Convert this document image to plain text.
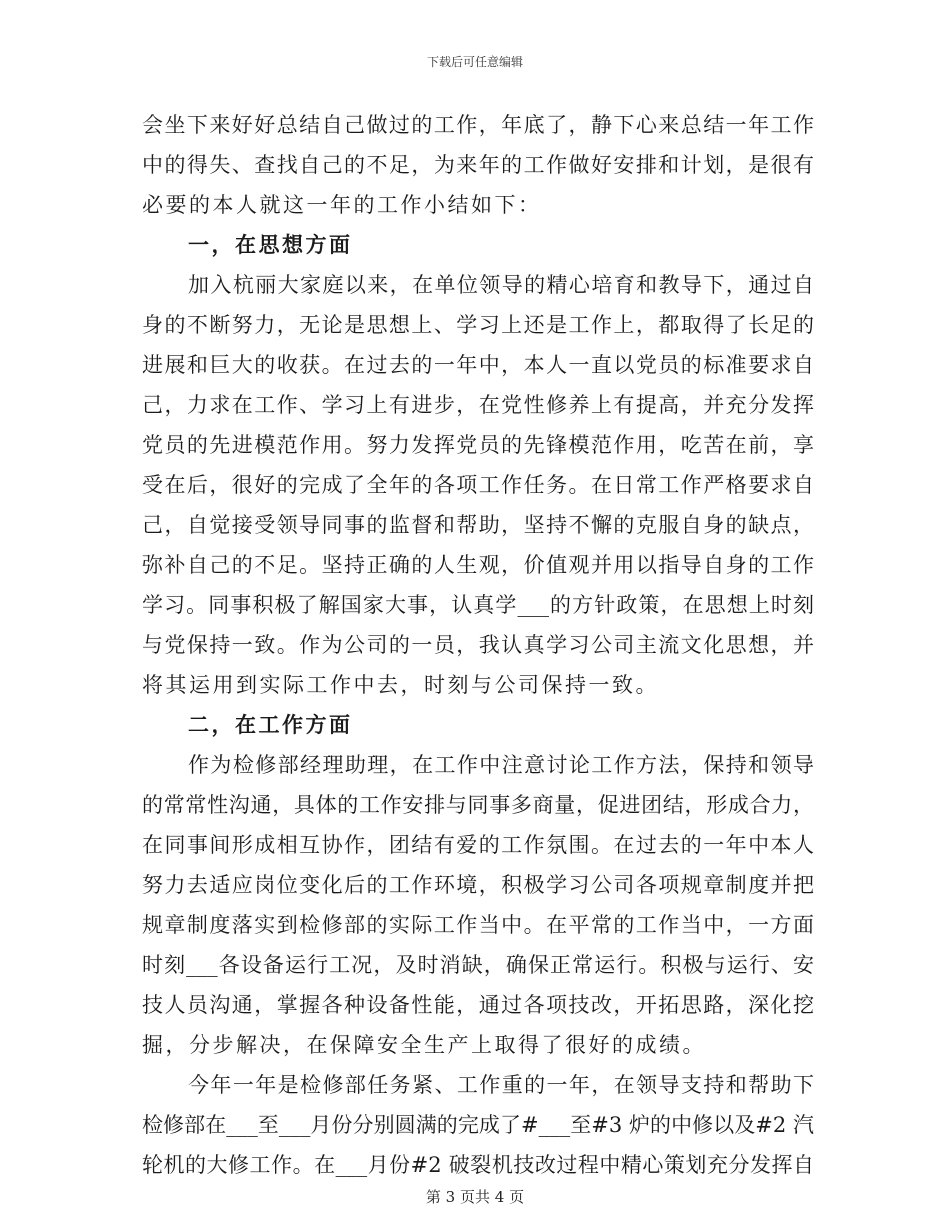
下载后可任意编辑
会坐下来好好总结自己做过的工作，年底了，静下心来总结一年工作
中的得失、查找自己的不足，为来年的工作做好安排和计划，是很有
必要的本人就这一年的工作小结如下：
一，在思想方面
加入杭丽大家庭以来，在单位领导的精心培育和教导下，通过自
身的不断努力，无论是思想上、学习上还是工作上，都取得了长足的
进展和巨大的收获。在过去的一年中，本人一直以党员的标准要求自
己，力求在工作、学习上有进步，在党性修养上有提高，并充分发挥
党员的先进模范作用。努力发挥党员的先锋模范作用，吃苦在前，享
受在后，很好的完成了全年的各项工作任务。在日常工作严格要求自
己，自觉接受领导同事的监督和帮助，坚持不懈的克服自身的缺点，
弥补自己的不足。坚持正确的人生观，价值观并用以指导自身的工作
学习。同事积极了解国家大事，认真学___的方针政策，在思想上时刻
与党保持一致。作为公司的一员，我认真学习公司主流文化思想，并
将其运用到实际工作中去，时刻与公司保持一致。
二，在工作方面
作为检修部经理助理，在工作中注意讨论工作方法，保持和领导
的常常性沟通，具体的工作安排与同事多商量，促进团结，形成合力，
在同事间形成相互协作，团结有爱的工作氛围。在过去的一年中本人
努力去适应岗位变化后的工作环境，积极学习公司各项规章制度并把
规章制度落实到检修部的实际工作当中。在平常的工作当中，一方面
时刻___各设备运行工况，及时消缺，确保正常运行。积极与运行、安
技人员沟通，掌握各种设备性能，通过各项技改，开拓思路，深化挖
掘，分步解决，在保障安全生产上取得了很好的成绩。
今年一年是检修部任务紧、工作重的一年，在领导支持和帮助下
检修部在___至___月份分别圆满的完成了#___至#3 炉的中修以及#2 汽
轮机的大修工作。在___月份#2 破裂机技改过程中精心策划充分发挥自
第 3 页共 4 页
